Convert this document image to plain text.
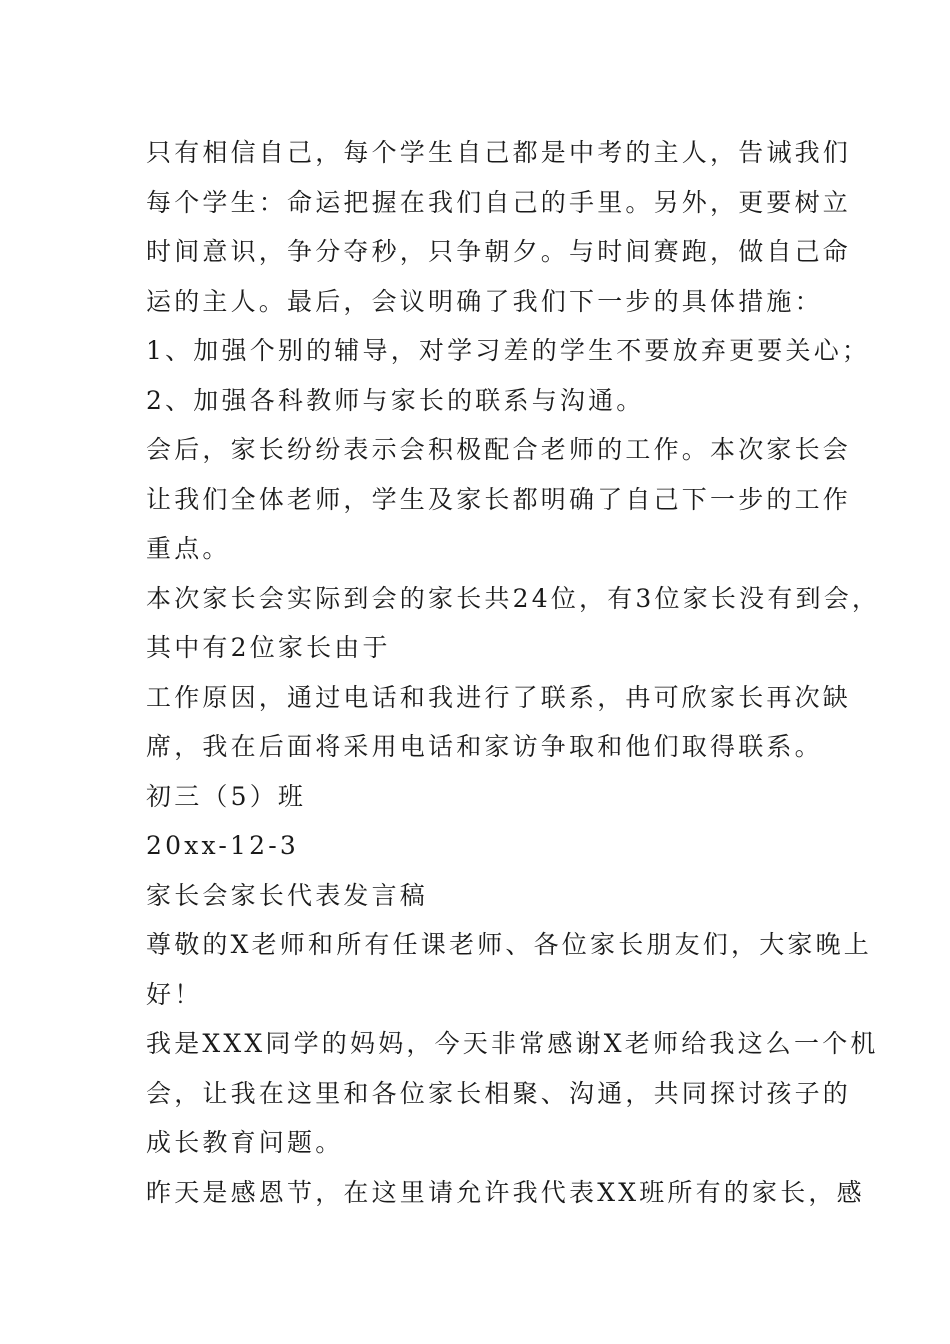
只有相信自己，每个学生自己都是中考的主人，告诫我们
每个学生：命运把握在我们自己的手里。另外，更要树立
时间意识，争分夺秒，只争朝夕。与时间赛跑，做自己命
运的主人。最后，会议明确了我们下一步的具体措施：
1、加强个别的辅导，对学习差的学生不要放弃更要关心；
2、加强各科教师与家长的联系与沟通。
会后，家长纷纷表示会积极配合老师的工作。本次家长会
让我们全体老师，学生及家长都明确了自己下一步的工作
重点。
本次家长会实际到会的家长共24位，有3位家长没有到会，
其中有2位家长由于
工作原因，通过电话和我进行了联系，冉可欣家长再次缺
席，我在后面将采用电话和家访争取和他们取得联系。
初三（5）班
20xx-12-3
家长会家长代表发言稿
尊敬的X老师和所有任课老师、各位家长朋友们，大家晚上
好！
我是XXX同学的妈妈，今天非常感谢X老师给我这么一个机
会，让我在这里和各位家长相聚、沟通，共同探讨孩子的
成长教育问题。
昨天是感恩节，在这里请允许我代表XX班所有的家长，感
